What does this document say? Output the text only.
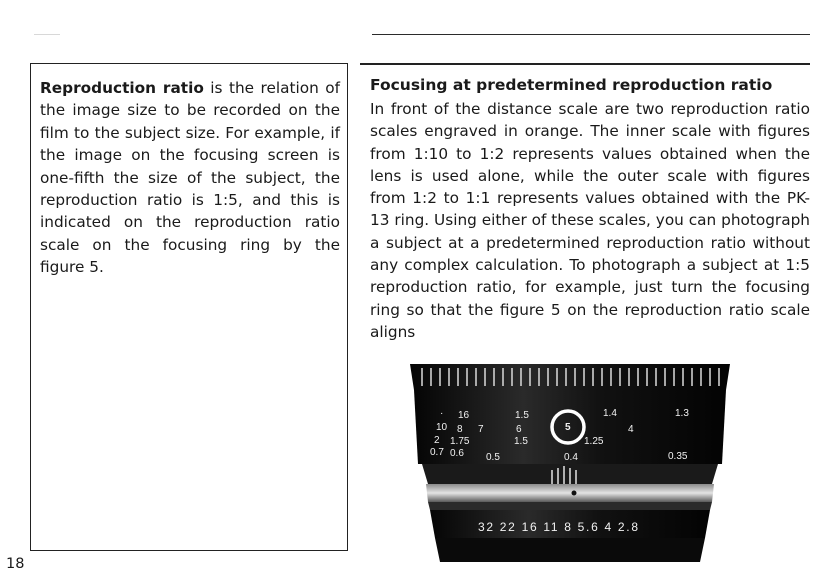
Reproduction ratio is the relation of the image size to be recorded on the film to the subject size. For example, if the image on the focusing screen is one-fifth the size of the subject, the reproduction ratio is 1:5, and this is indicated on the reproduction ratio scale on the focusing ring by the figure 5.

Focusing at predetermined reproduction ratio

In front of the distance scale are two reproduction ratio scales engraved in orange. The inner scale with figures from 1:10 to 1:2 represents values obtained when the lens is used alone, while the outer scale with figures from 1:2 to 1:1 represents values obtained with the PK-13 ring. Using either of these scales, you can photograph a subject at a predetermined reproduction ratio without any complex calculation. To photograph a subject at 1:5 reproduction ratio, for example, just turn the focusing ring so that the figure 5 on the reproduction ratio scale aligns

· 16	1.5	1.4	1.3
10 8 7	6	5	4
2 1.75	1.5	1.25
0.7 0.6 0.5	0.4	0.35
32 22 16 11 8 5.6 4 2.8
18
